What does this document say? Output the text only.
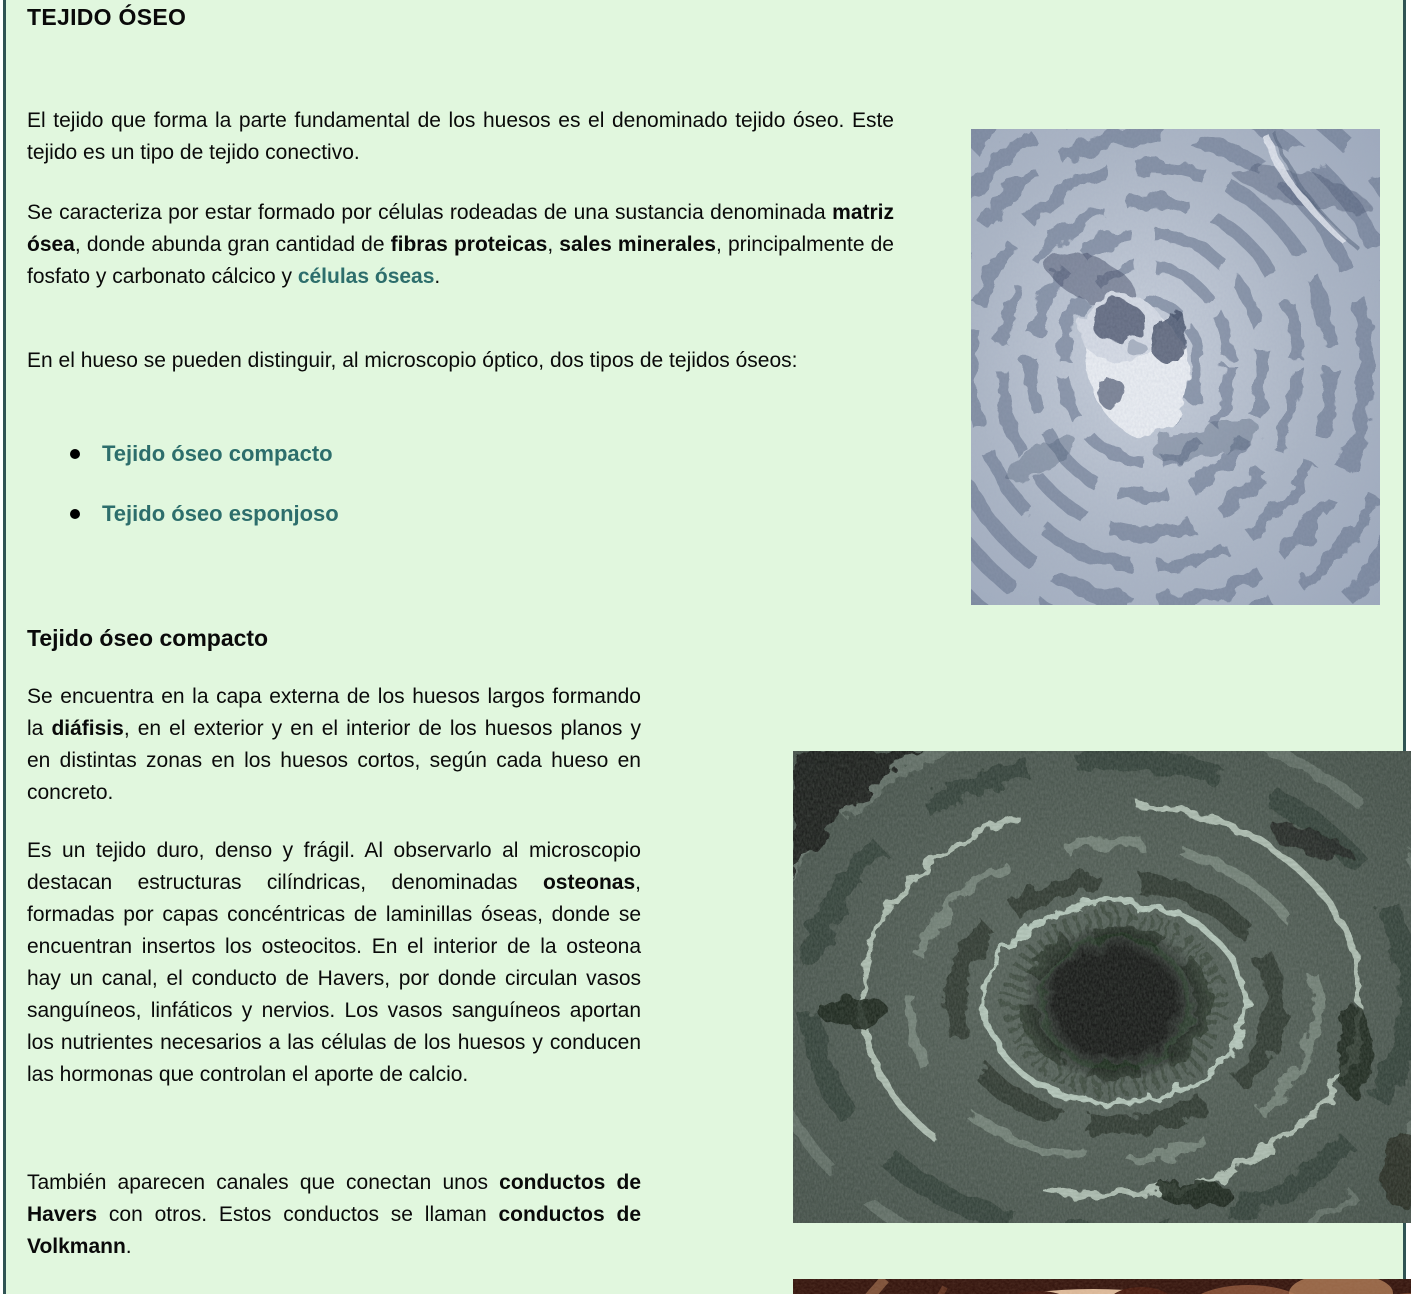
TEJIDO ÓSEO

El tejido que forma la parte fundamental de los huesos es el denominado tejido óseo. Este tejido es un tipo de tejido conectivo.

Se caracteriza por estar formado por células rodeadas de una sustancia denominada matriz ósea, donde abunda gran cantidad de fibras proteicas, sales minerales, principalmente de fosfato y carbonato cálcico y células óseas.

En el hueso se pueden distinguir, al microscopio óptico, dos tipos de tejidos óseos:

Tejido óseo compacto
Tejido óseo esponjoso
Tejido óseo compacto

Se encuentra en la capa externa de los huesos largos formando la diáfisis, en el exterior y en el interior de los huesos planos y en distintas zonas en los huesos cortos, según cada hueso en concreto.

Es un tejido duro, denso y frágil. Al observarlo al microscopio destacan estructuras cilíndricas, denominadas osteonas, formadas por capas concéntricas de laminillas óseas, donde se encuentran insertos los osteocitos. En el interior de la osteona hay un canal, el conducto de Havers, por donde circulan vasos sanguíneos, linfáticos y nervios. Los vasos sanguíneos aportan los nutrientes necesarios a las células de los huesos y conducen las hormonas que controlan el aporte de calcio.

También aparecen canales que conectan unos conductos de Havers con otros. Estos conductos se llaman conductos de Volkmann.
